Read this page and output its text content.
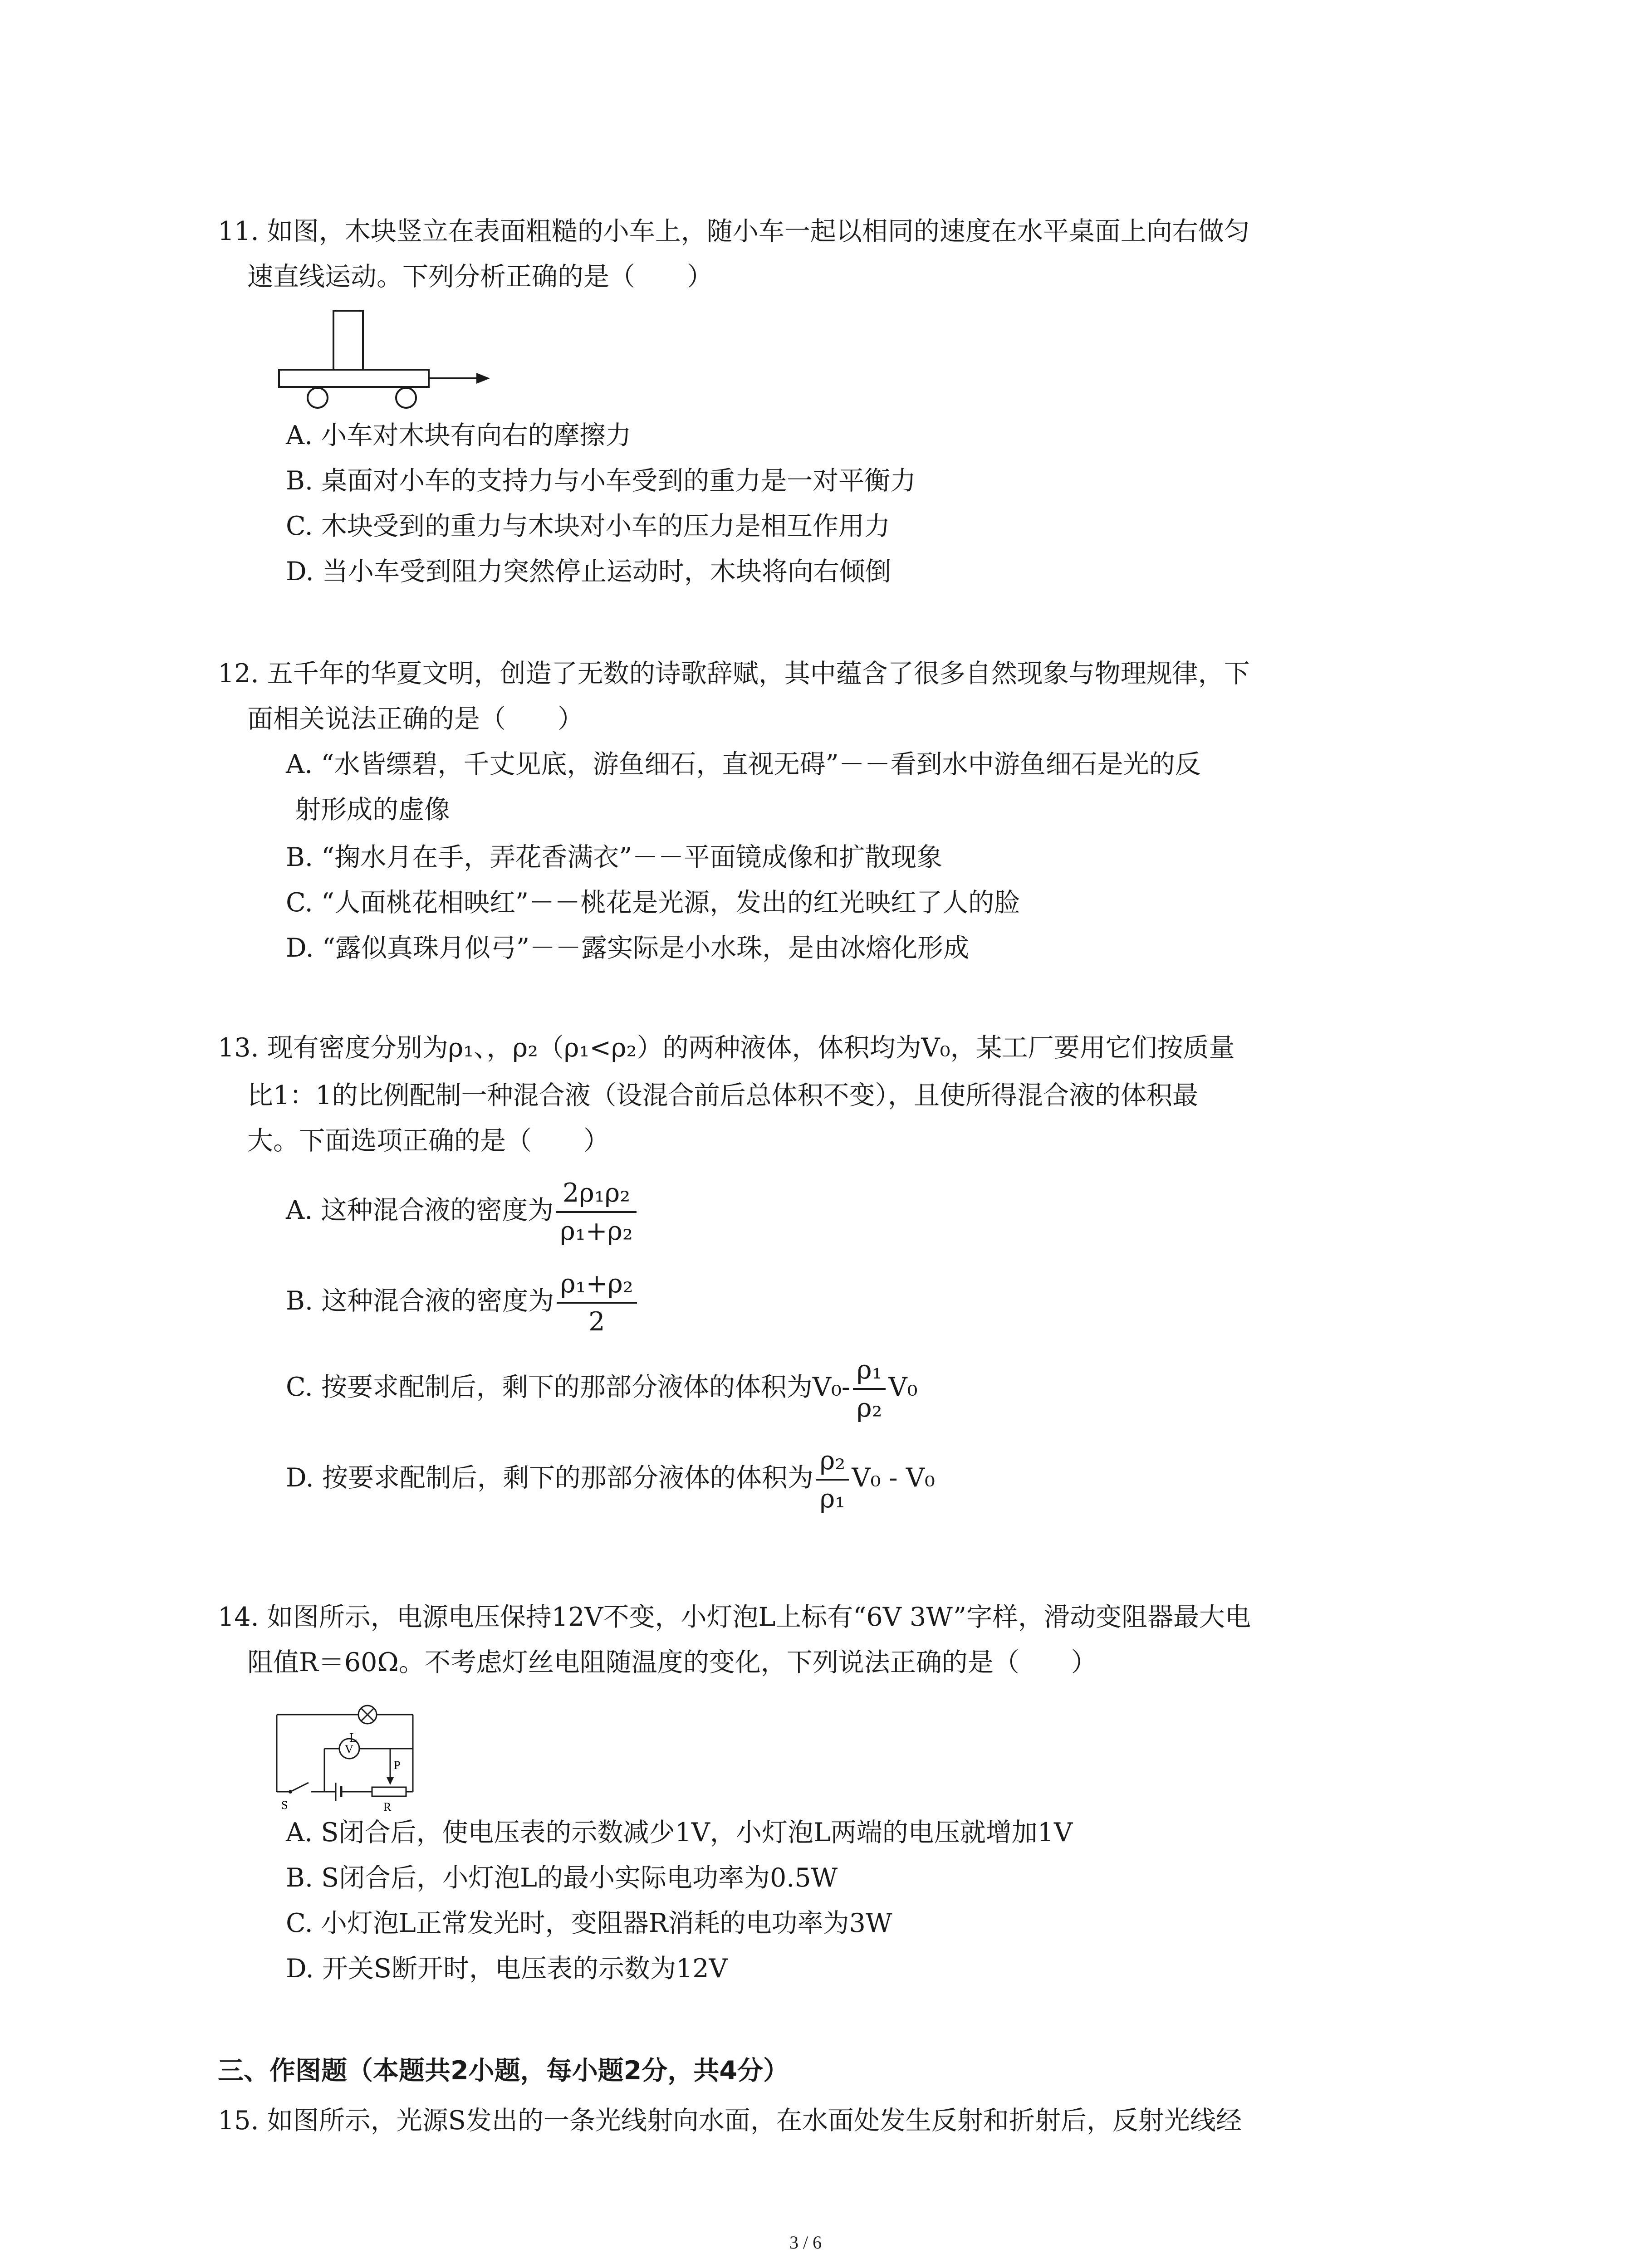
11. 如图，木块竖立在表面粗糙的小车上，随小车一起以相同的速度在水平桌面上向右做匀
速直线运动。下列分析正确的是（　　）
A. 小车对木块有向右的摩擦力
B. 桌面对小车的支持力与小车受到的重力是一对平衡力
C. 木块受到的重力与木块对小车的压力是相互作用力
D. 当小车受到阻力突然停止运动时，木块将向右倾倒
12. 五千年的华夏文明，创造了无数的诗歌辞赋，其中蕴含了很多自然现象与物理规律，下
面相关说法正确的是（　　）
A. “水皆缥碧，千丈见底，游鱼细石，直视无碍”－－看到水中游鱼细石是光的反
射形成的虚像
B. “掬水月在手，弄花香满衣”－－平面镜成像和扩散现象
C. “人面桃花相映红”－－桃花是光源，发出的红光映红了人的脸
D. “露似真珠月似弓”－－露实际是小水珠，是由冰熔化形成
13. 现有密度分别为ρ₁、，ρ₂（ρ₁<ρ₂）的两种液体，体积均为V₀，某工厂要用它们按质量
比1：1的比例配制一种混合液（设混合前后总体积不变），且使所得混合液的体积最
大。下面选项正确的是（　　）
A. 这种混合液的密度为 $\frac{\text{2ρ₁ρ₂}}{\text{ρ₁+ρ₂}}$
B. 这种混合液的密度为 $\frac{\text{ρ₁+ρ₂}}{2}$
C. 按要求配制后，剩下的那部分液体的体积为$V_0- \frac{\text{ρ₁}}{\text{ρ₂}} V_0$
D. 按要求配制后，剩下的那部分液体的体积为 $\frac{\text{ρ₂}}{\text{ρ₁}} V_0 - V_0$
14. 如图所示，电源电压保持12V不变，小灯泡L上标有“6V 3W”字样，滑动变阻器最大电
阻值R＝60Ω。不考虑灯丝电阻随温度的变化，下列说法正确的是（　　）
L
V
P
S	R
A. S闭合后，使电压表的示数减少1V，小灯泡L两端的电压就增加1V
B. S闭合后，小灯泡L的最小实际电功率为0.5W
C. 小灯泡L正常发光时，变阻器R消耗的电功率为3W
D. 开关S断开时，电压表的示数为12V
三、作图题（本题共2小题，每小题2分，共4分）
15. 如图所示，光源S发出的一条光线射向水面，在水面处发生反射和折射后，反射光线经
3 / 6
